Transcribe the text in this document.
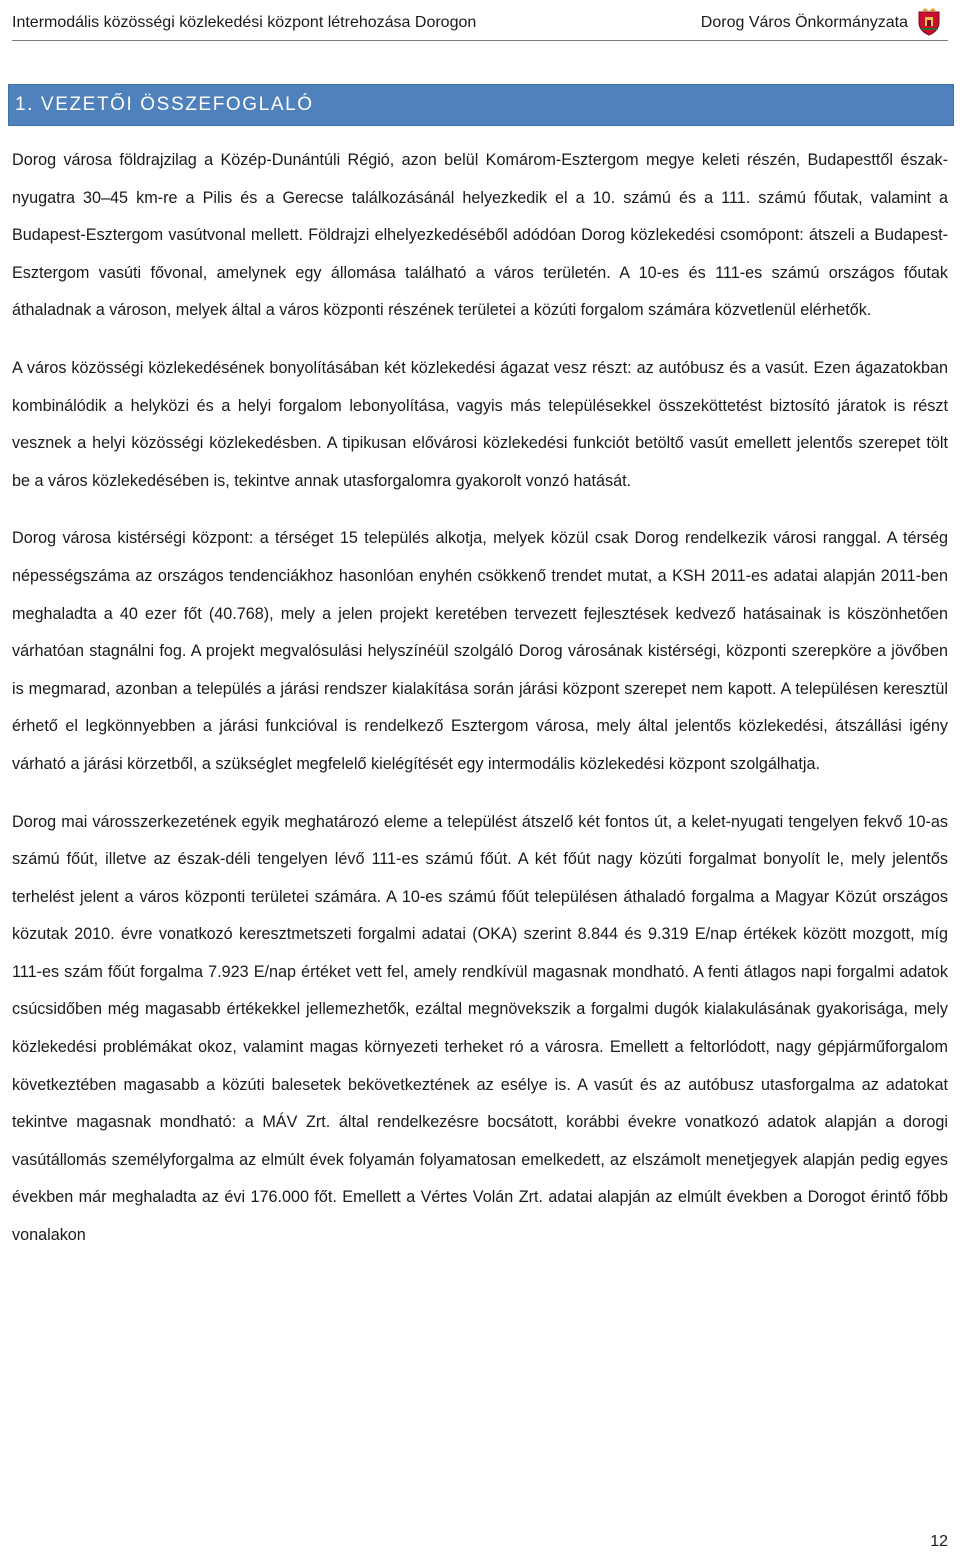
Intermodális közösségi közlekedési központ létrehozása Dorogon	Dorog Város Önkormányzata
1. VEZETŐI ÖSSZEFOGLALÓ

Dorog városa földrajzilag a Közép-Dunántúli Régió, azon belül Komárom-Esztergom megye keleti részén, Budapesttől észak-nyugatra 30–45 km-re a Pilis és a Gerecse találkozásánál helyezkedik el a 10. számú és a 111. számú főutak, valamint a Budapest-Esztergom vasútvonal mellett. Földrajzi elhelyezkedéséből adódóan Dorog közlekedési csomópont: átszeli a Budapest-Esztergom vasúti fővonal, amelynek egy állomása található a város területén. A 10-es és 111-es számú országos főutak áthaladnak a városon, melyek által a város központi részének területei a közúti forgalom számára közvetlenül elérhetők.

A város közösségi közlekedésének bonyolításában két közlekedési ágazat vesz részt: az autóbusz és a vasút. Ezen ágazatokban kombinálódik a helyközi és a helyi forgalom lebonyolítása, vagyis más településekkel összeköttetést biztosító járatok is részt vesznek a helyi közösségi közlekedésben. A tipikusan elővárosi közlekedési funkciót betöltő vasút emellett jelentős szerepet tölt be a város közlekedésében is, tekintve annak utasforgalomra gyakorolt vonzó hatását.

Dorog városa kistérségi központ: a térséget 15 település alkotja, melyek közül csak Dorog rendelkezik városi ranggal. A térség népességszáma az országos tendenciákhoz hasonlóan enyhén csökkenő trendet mutat, a KSH 2011-es adatai alapján 2011-ben meghaladta a 40 ezer főt (40.768), mely a jelen projekt keretében tervezett fejlesztések kedvező hatásainak is köszönhetően várhatóan stagnálni fog. A projekt megvalósulási helyszínéül szolgáló Dorog városának kistérségi, központi szerepköre a jövőben is megmarad, azonban a település a járási rendszer kialakítása során járási központ szerepet nem kapott. A településen keresztül érhető el legkönnyebben a járási funkcióval is rendelkező Esztergom városa, mely által jelentős közlekedési, átszállási igény várható a járási körzetből, a szükséglet megfelelő kielégítését egy intermodális közlekedési központ szolgálhatja.

Dorog mai városszerkezetének egyik meghatározó eleme a települést átszelő két fontos út, a kelet-nyugati tengelyen fekvő 10-as számú főút, illetve az észak-déli tengelyen lévő 111-es számú főút. A két főút nagy közúti forgalmat bonyolít le, mely jelentős terhelést jelent a város központi területei számára. A 10-es számú főút településen áthaladó forgalma a Magyar Közút országos közutak 2010. évre vonatkozó keresztmetszeti forgalmi adatai (OKA) szerint 8.844 és 9.319 E/nap értékek között mozgott, míg 111-es szám főút forgalma 7.923 E/nap értéket vett fel, amely rendkívül magasnak mondható. A fenti átlagos napi forgalmi adatok csúcsidőben még magasabb értékekkel jellemezhetők, ezáltal megnövekszik a forgalmi dugók kialakulásának gyakorisága, mely közlekedési problémákat okoz, valamint magas környezeti terheket ró a városra. Emellett a feltorlódott, nagy gépjárműforgalom következtében magasabb a közúti balesetek bekövetkeztének az esélye is. A vasút és az autóbusz utasforgalma az adatokat tekintve magasnak mondható: a MÁV Zrt. által rendelkezésre bocsátott, korábbi évekre vonatkozó adatok alapján a dorogi vasútállomás személyforgalma az elmúlt évek folyamán folyamatosan emelkedett, az elszámolt menetjegyek alapján pedig egyes években már meghaladta az évi 176.000 főt. Emellett a Vértes Volán Zrt. adatai alapján az elmúlt években a Dorogot érintő főbb vonalakon

12
